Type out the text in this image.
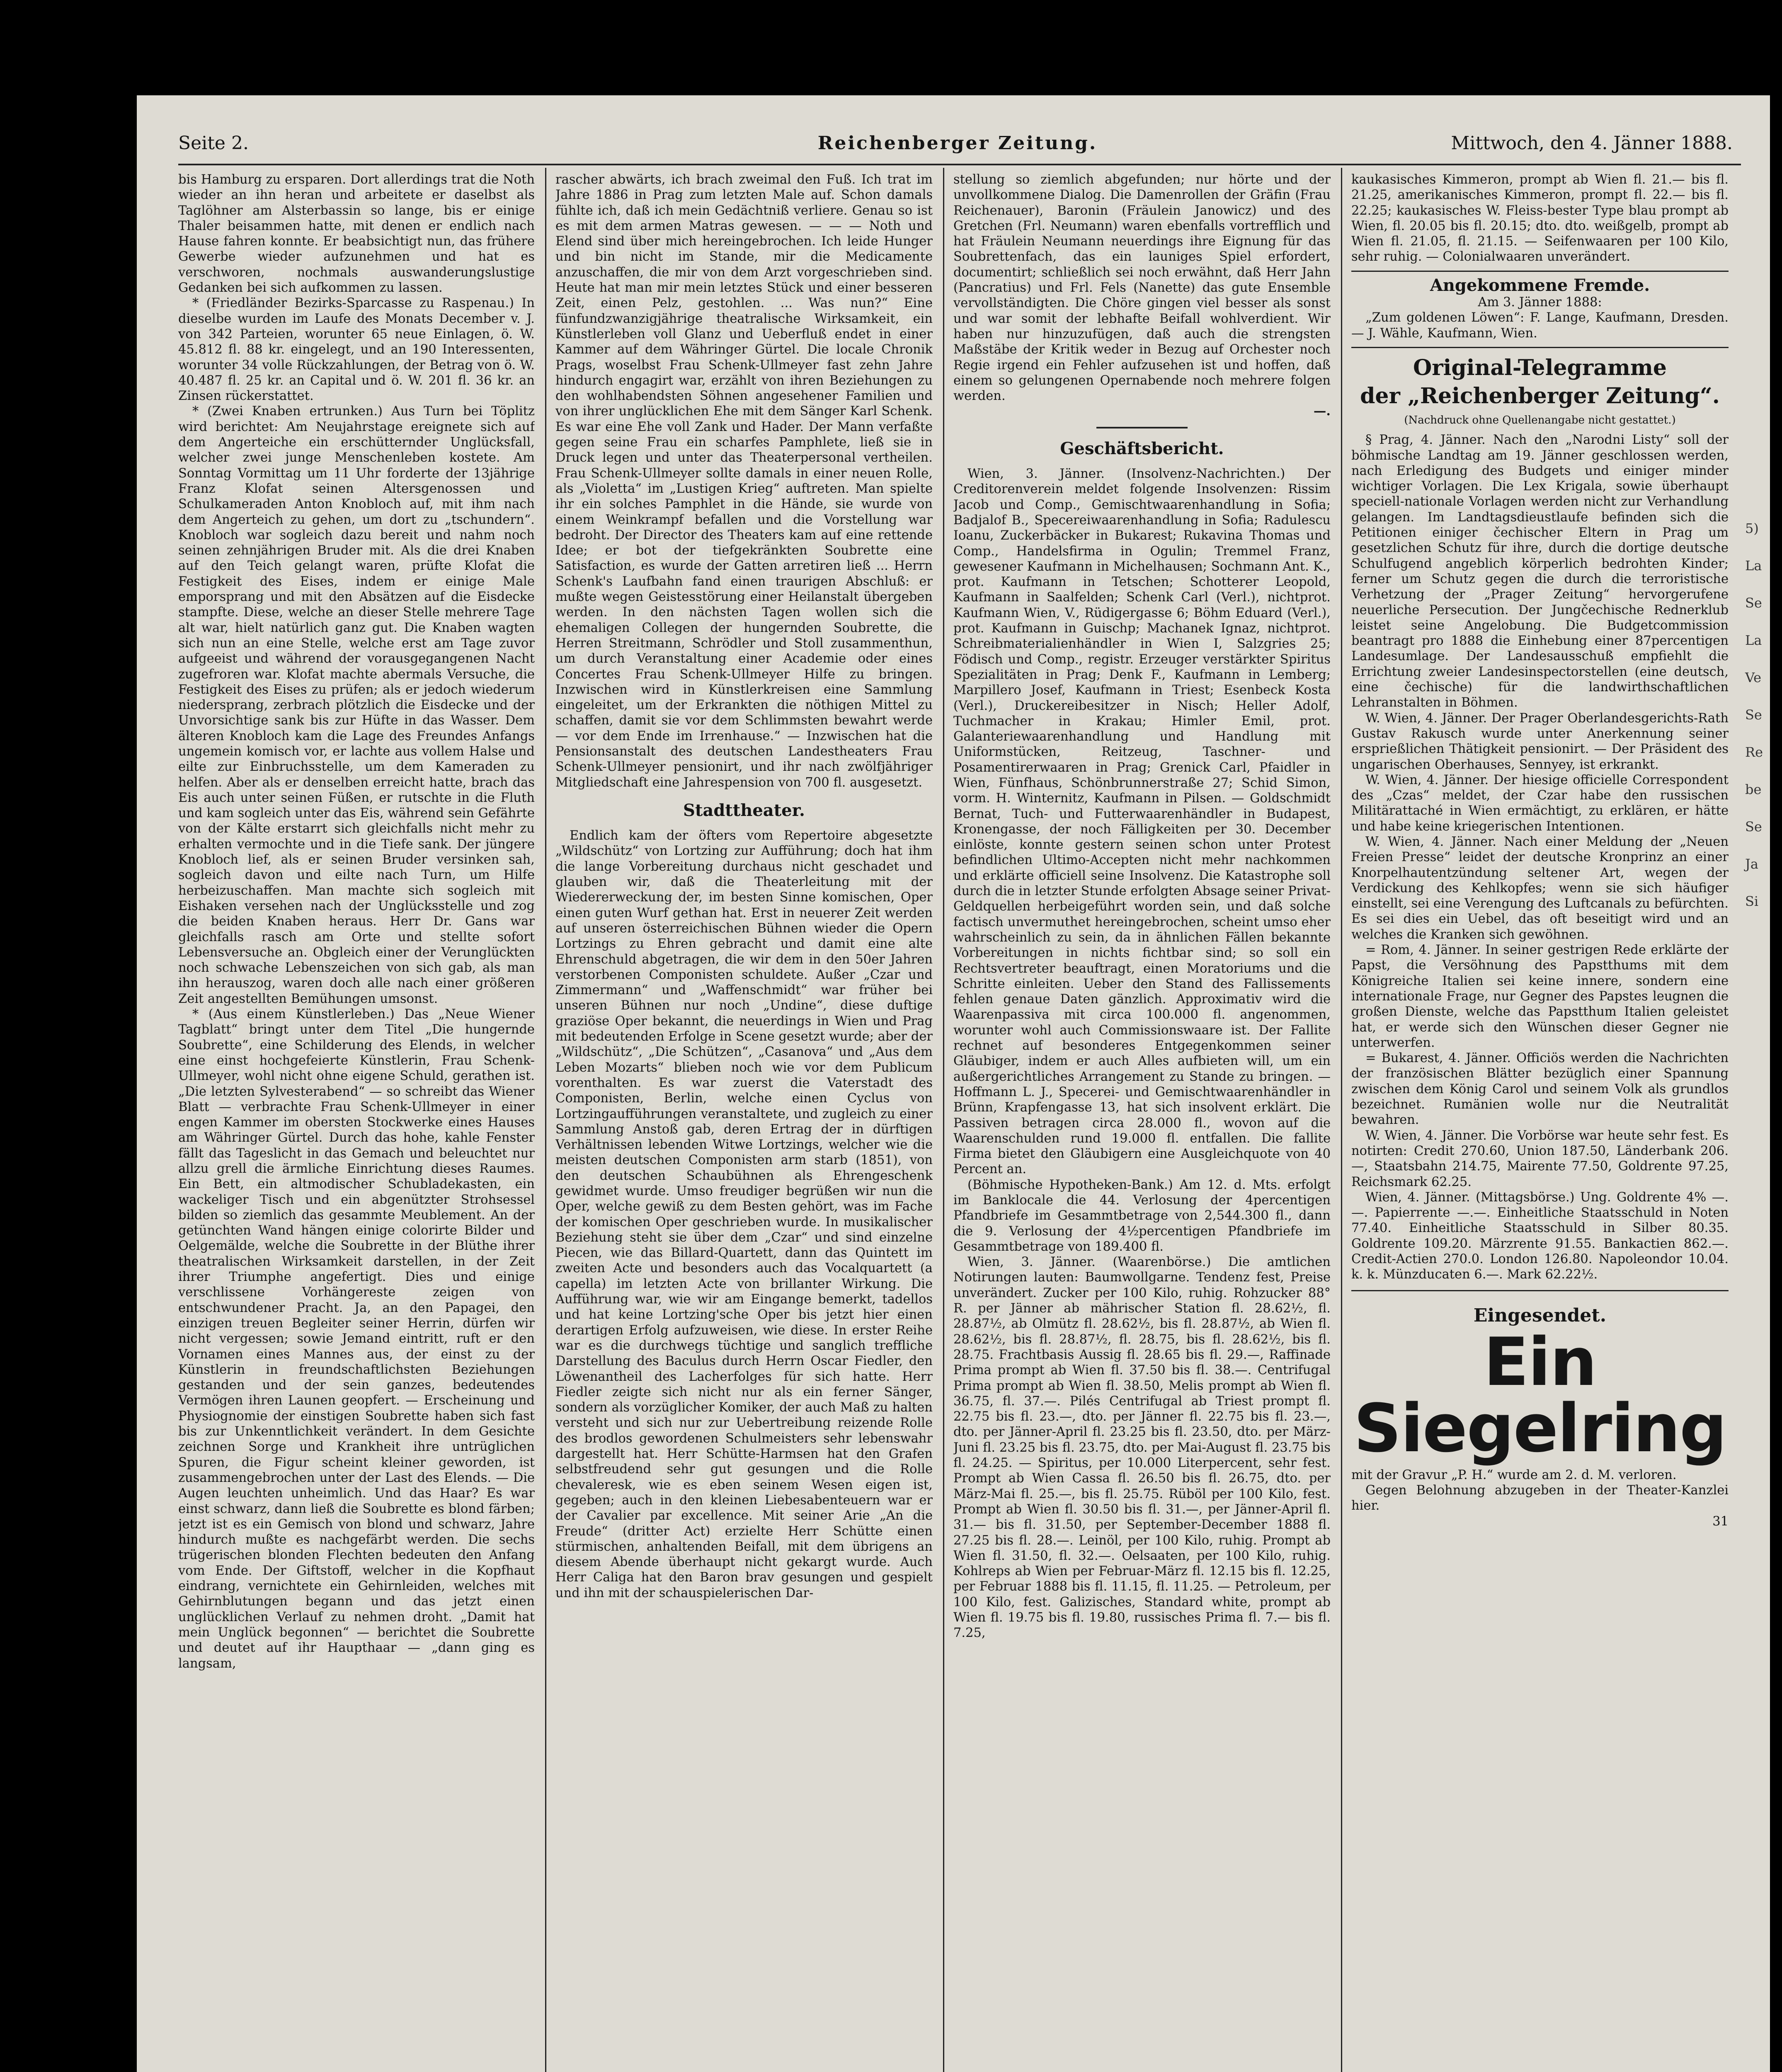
Seite 2.	Reichenberger Zeitung.	Mittwoch, den 4. Jänner 1888.

bis Hamburg zu ersparen. Dort allerdings trat die Noth wieder an ihn heran und arbeitete er daselbst als Taglöhner am Alsterbassin so lange, bis er einige Thaler beisammen hatte, mit denen er endlich nach Hause fahren konnte. Er beabsichtigt nun, das frühere Gewerbe wieder aufzunehmen und hat es verschworen, nochmals auswanderungslustige Gedanken bei sich aufkommen zu lassen.

* (Friedländer Bezirks-Sparcasse zu Raspenau.) In dieselbe wurden im Laufe des Monats December v. J. von 342 Parteien, worunter 65 neue Einlagen, ö. W. 45.812 fl. 88 kr. eingelegt, und an 190 Interessenten, worunter 34 volle Rückzahlungen, der Betrag von ö. W. 40.487 fl. 25 kr. an Capital und ö. W. 201 fl. 36 kr. an Zinsen rückerstattet.

* (Zwei Knaben ertrunken.) Aus Turn bei Töplitz wird berichtet: Am Neujahrstage ereignete sich auf dem Angerteiche ein erschütternder Unglücksfall, welcher zwei junge Menschenleben kostete. Am Sonntag Vormittag um 11 Uhr forderte der 13jährige Franz Klofat seinen Altersgenossen und Schulkameraden Anton Knobloch auf, mit ihm nach dem Angerteich zu gehen, um dort zu „tschundern“. Knobloch war sogleich dazu bereit und nahm noch seinen zehnjährigen Bruder mit. Als die drei Knaben auf den Teich gelangt waren, prüfte Klofat die Festigkeit des Eises, indem er einige Male emporsprang und mit den Absätzen auf die Eisdecke stampfte. Diese, welche an dieser Stelle mehrere Tage alt war, hielt natürlich ganz gut. Die Knaben wagten sich nun an eine Stelle, welche erst am Tage zuvor aufgeeist und während der vorausgegangenen Nacht zugefroren war. Klofat machte abermals Versuche, die Festigkeit des Eises zu prüfen; als er jedoch wiederum niedersprang, zerbrach plötzlich die Eisdecke und der Unvorsichtige sank bis zur Hüfte in das Wasser. Dem älteren Knobloch kam die Lage des Freundes Anfangs ungemein komisch vor, er lachte aus vollem Halse und eilte zur Einbruchsstelle, um dem Kameraden zu helfen. Aber als er denselben erreicht hatte, brach das Eis auch unter seinen Füßen, er rutschte in die Fluth und kam sogleich unter das Eis, während sein Gefährte von der Kälte erstarrt sich gleichfalls nicht mehr zu erhalten vermochte und in die Tiefe sank. Der jüngere Knobloch lief, als er seinen Bruder versinken sah, sogleich davon und eilte nach Turn, um Hilfe herbeizuschaffen. Man machte sich sogleich mit Eishaken versehen nach der Unglücksstelle und zog die beiden Knaben heraus. Herr Dr. Gans war gleichfalls rasch am Orte und stellte sofort Lebensversuche an. Obgleich einer der Verunglückten noch schwache Lebenszeichen von sich gab, als man ihn herauszog, waren doch alle nach einer größeren Zeit angestellten Bemühungen umsonst.

* (Aus einem Künstlerleben.) Das „Neue Wiener Tagblatt“ bringt unter dem Titel „Die hungernde Soubrette“, eine Schilderung des Elends, in welcher eine einst hochgefeierte Künstlerin, Frau Schenk-Ullmeyer, wohl nicht ohne eigene Schuld, gerathen ist. „Die letzten Sylvesterabend“ — so schreibt das Wiener Blatt — verbrachte Frau Schenk-Ullmeyer in einer engen Kammer im obersten Stockwerke eines Hauses am Währinger Gürtel. Durch das hohe, kahle Fenster fällt das Tageslicht in das Gemach und beleuchtet nur allzu grell die ärmliche Einrichtung dieses Raumes. Ein Bett, ein altmodischer Schubladekasten, ein wackeliger Tisch und ein abgenützter Strohsessel bilden so ziemlich das gesammte Meublement. An der getünchten Wand hängen einige colorirte Bilder und Oelgemälde, welche die Soubrette in der Blüthe ihrer theatralischen Wirksamkeit darstellen, in der Zeit ihrer Triumphe angefertigt. Dies und einige verschlissene Vorhängereste zeigen von entschwundener Pracht. Ja, an den Papagei, den einzigen treuen Begleiter seiner Herrin, dürfen wir nicht vergessen; sowie Jemand eintritt, ruft er den Vornamen eines Mannes aus, der einst zu der Künstlerin in freundschaftlichsten Beziehungen gestanden und der sein ganzes, bedeutendes Vermögen ihren Launen geopfert. — Erscheinung und Physiognomie der einstigen Soubrette haben sich fast bis zur Unkenntlichkeit verändert. In dem Gesichte zeichnen Sorge und Krankheit ihre untrüglichen Spuren, die Figur scheint kleiner geworden, ist zusammengebrochen unter der Last des Elends. — Die Augen leuchten unheimlich. Und das Haar? Es war einst schwarz, dann ließ die Soubrette es blond färben; jetzt ist es ein Gemisch von blond und schwarz, Jahre hindurch mußte es nachgefärbt werden. Die sechs trügerischen blonden Flechten bedeuten den Anfang vom Ende. Der Giftstoff, welcher in die Kopfhaut eindrang, vernichtete ein Gehirnleiden, welches mit Gehirnblutungen begann und das jetzt einen unglücklichen Verlauf zu nehmen droht. „Damit hat mein Unglück begonnen“ — berichtet die Soubrette und deutet auf ihr Haupthaar — „dann ging es langsam,

rascher abwärts, ich brach zweimal den Fuß. Ich trat im Jahre 1886 in Prag zum letzten Male auf. Schon damals fühlte ich, daß ich mein Gedächtniß verliere. Genau so ist es mit dem armen Matras gewesen. — — — Noth und Elend sind über mich hereingebrochen. Ich leide Hunger und bin nicht im Stande, mir die Medicamente anzuschaffen, die mir von dem Arzt vorgeschrieben sind. Heute hat man mir mein letztes Stück und einer besseren Zeit, einen Pelz, gestohlen. ... Was nun?“ Eine fünfundzwanzigjährige theatralische Wirksamkeit, ein Künstlerleben voll Glanz und Ueberfluß endet in einer Kammer auf dem Währinger Gürtel. Die locale Chronik Prags, woselbst Frau Schenk-Ullmeyer fast zehn Jahre hindurch engagirt war, erzählt von ihren Beziehungen zu den wohlhabendsten Söhnen angesehener Familien und von ihrer unglücklichen Ehe mit dem Sänger Karl Schenk. Es war eine Ehe voll Zank und Hader. Der Mann verfaßte gegen seine Frau ein scharfes Pamphlete, ließ sie in Druck legen und unter das Theaterpersonal vertheilen. Frau Schenk-Ullmeyer sollte damals in einer neuen Rolle, als „Violetta“ im „Lustigen Krieg“ auftreten. Man spielte ihr ein solches Pamphlet in die Hände, sie wurde von einem Weinkrampf befallen und die Vorstellung war bedroht. Der Director des Theaters kam auf eine rettende Idee; er bot der tiefgekränkten Soubrette eine Satisfaction, es wurde der Gatten arretiren ließ ... Herrn Schenk's Laufbahn fand einen traurigen Abschluß: er mußte wegen Geistesstörung einer Heilanstalt übergeben werden. In den nächsten Tagen wollen sich die ehemaligen Collegen der hungernden Soubrette, die Herren Streitmann, Schrödler und Stoll zusammenthun, um durch Veranstaltung einer Academie oder eines Concertes Frau Schenk-Ullmeyer Hilfe zu bringen. Inzwischen wird in Künstlerkreisen eine Sammlung eingeleitet, um der Erkrankten die nöthigen Mittel zu schaffen, damit sie vor dem Schlimmsten bewahrt werde — vor dem Ende im Irrenhause.“ — Inzwischen hat die Pensionsanstalt des deutschen Landestheaters Frau Schenk-Ullmeyer pensionirt, und ihr nach zwölfjähriger Mitgliedschaft eine Jahrespension von 700 fl. ausgesetzt.

Stadttheater.

Endlich kam der öfters vom Repertoire abgesetzte „Wildschütz“ von Lortzing zur Aufführung; doch hat ihm die lange Vorbereitung durchaus nicht geschadet und glauben wir, daß die Theaterleitung mit der Wiedererweckung der, im besten Sinne komischen, Oper einen guten Wurf gethan hat. Erst in neuerer Zeit werden auf unseren österreichischen Bühnen wieder die Opern Lortzings zu Ehren gebracht und damit eine alte Ehrenschuld abgetragen, die wir dem in den 50er Jahren verstorbenen Componisten schuldete. Außer „Czar und Zimmermann“ und „Waffenschmidt“ war früher bei unseren Bühnen nur noch „Undine“, diese duftige graziöse Oper bekannt, die neuerdings in Wien und Prag mit bedeutenden Erfolge in Scene gesetzt wurde; aber der „Wildschütz“, „Die Schützen“, „Casanova“ und „Aus dem Leben Mozarts“ blieben noch wie vor dem Publicum vorenthalten. Es war zuerst die Vaterstadt des Componisten, Berlin, welche einen Cyclus von Lortzingaufführungen veranstaltete, und zugleich zu einer Sammlung Anstoß gab, deren Ertrag der in dürftigen Verhältnissen lebenden Witwe Lortzings, welcher wie die meisten deutschen Componisten arm starb (1851), von den deutschen Schaubühnen als Ehrengeschenk gewidmet wurde. Umso freudiger begrüßen wir nun die Oper, welche gewiß zu dem Besten gehört, was im Fache der komischen Oper geschrieben wurde. In musikalischer Beziehung steht sie über dem „Czar“ und sind einzelne Piecen, wie das Billard-Quartett, dann das Quintett im zweiten Acte und besonders auch das Vocalquartett (a capella) im letzten Acte von brillanter Wirkung. Die Aufführung war, wie wir am Eingange bemerkt, tadellos und hat keine Lortzing'sche Oper bis jetzt hier einen derartigen Erfolg aufzuweisen, wie diese. In erster Reihe war es die durchwegs tüchtige und sanglich treffliche Darstellung des Baculus durch Herrn Oscar Fiedler, den Löwenantheil des Lacherfolges für sich hatte. Herr Fiedler zeigte sich nicht nur als ein ferner Sänger, sondern als vorzüglicher Komiker, der auch Maß zu halten versteht und sich nur zur Uebertreibung reizende Rolle des brodlos gewordenen Schulmeisters sehr lebenswahr dargestellt hat. Herr Schütte-Harmsen hat den Grafen selbstfreudend sehr gut gesungen und die Rolle chevaleresk, wie es eben seinem Wesen eigen ist, gegeben; auch in den kleinen Liebesabenteuern war er der Cavalier par excellence. Mit seiner Arie „An die Freude“ (dritter Act) erzielte Herr Schütte einen stürmischen, anhaltenden Beifall, mit dem übrigens an diesem Abende überhaupt nicht gekargt wurde. Auch Herr Caliga hat den Baron brav gesungen und gespielt und ihn mit der schauspielerischen Dar-

stellung so ziemlich abgefunden; nur hörte und der unvollkommene Dialog. Die Damenrollen der Gräfin (Frau Reichenauer), Baronin (Fräulein Janowicz) und des Gretchen (Frl. Neumann) waren ebenfalls vortrefflich und hat Fräulein Neumann neuerdings ihre Eignung für das Soubrettenfach, das ein launiges Spiel erfordert, documentirt; schließlich sei noch erwähnt, daß Herr Jahn (Pancratius) und Frl. Fels (Nanette) das gute Ensemble vervollständigten. Die Chöre gingen viel besser als sonst und war somit der lebhafte Beifall wohlverdient. Wir haben nur hinzuzufügen, daß auch die strengsten Maßstäbe der Kritik weder in Bezug auf Orchester noch Regie irgend ein Fehler aufzusehen ist und hoffen, daß einem so gelungenen Opernabende noch mehrere folgen werden.

—.
Geschäftsbericht.

Wien, 3. Jänner. (Insolvenz-Nachrichten.) Der Creditorenverein meldet folgende Insolvenzen: Rissim Jacob und Comp., Gemischtwaarenhandlung in Sofia; Badjalof B., Specereiwaarenhandlung in Sofia; Radulescu Ioanu, Zuckerbäcker in Bukarest; Rukavina Thomas und Comp., Handelsfirma in Ogulin; Tremmel Franz, gewesener Kaufmann in Michelhausen; Sochmann Ant. K., prot. Kaufmann in Tetschen; Schotterer Leopold, Kaufmann in Saalfelden; Schenk Carl (Verl.), nichtprot. Kaufmann Wien, V., Rüdigergasse 6; Böhm Eduard (Verl.), prot. Kaufmann in Guischp; Machanek Ignaz, nichtprot. Schreibmaterialienhändler in Wien I, Salzgries 25; Födisch und Comp., registr. Erzeuger verstärkter Spiritus Spezialitäten in Prag; Denk F., Kaufmann in Lemberg; Marpillero Josef, Kaufmann in Triest; Esenbeck Kosta (Verl.), Druckereibesitzer in Nisch; Heller Adolf, Tuchmacher in Krakau; Himler Emil, prot. Galanteriewaarenhandlung und Handlung mit Uniformstücken, Reitzeug, Taschner- und Posamentirerwaaren in Prag; Grenick Carl, Pfaidler in Wien, Fünfhaus, Schönbrunnerstraße 27; Schid Simon, vorm. H. Winternitz, Kaufmann in Pilsen. — Goldschmidt Bernat, Tuch- und Futterwaarenhändler in Budapest, Kronengasse, der noch Fälligkeiten per 30. December einlöste, konnte gestern seinen schon unter Protest befindlichen Ultimo-Accepten nicht mehr nachkommen und erklärte officiell seine Insolvenz. Die Katastrophe soll durch die in letzter Stunde erfolgten Absage seiner Privat-Geldquellen herbeigeführt worden sein, und daß solche factisch unvermuthet hereingebrochen, scheint umso eher wahrscheinlich zu sein, da in ähnlichen Fällen bekannte Vorbereitungen in nichts fichtbar sind; so soll ein Rechtsvertreter beauftragt, einen Moratoriums und die Schritte einleiten. Ueber den Stand des Fallissements fehlen genaue Daten gänzlich. Approximativ wird die Waarenpassiva mit circa 100.000 fl. angenommen, worunter wohl auch Commissionswaare ist. Der Fallite rechnet auf besonderes Entgegenkommen seiner Gläubiger, indem er auch Alles aufbieten will, um ein außergerichtliches Arrangement zu Stande zu bringen. — Hoffmann L. J., Specerei- und Gemischtwaarenhändler in Brünn, Krapfengasse 13, hat sich insolvent erklärt. Die Passiven betragen circa 28.000 fl., wovon auf die Waarenschulden rund 19.000 fl. entfallen. Die fallite Firma bietet den Gläubigern eine Ausgleichquote von 40 Percent an.

(Böhmische Hypotheken-Bank.) Am 12. d. Mts. erfolgt im Banklocale die 44. Verlosung der 4percentigen Pfandbriefe im Gesammtbetrage von 2,544.300 fl., dann die 9. Verlosung der 4½percentigen Pfandbriefe im Gesammtbetrage von 189.400 fl.

Wien, 3. Jänner. (Waarenbörse.) Die amtlichen Notirungen lauten: Baumwollgarne. Tendenz fest, Preise unverändert. Zucker per 100 Kilo, ruhig. Rohzucker 88° R. per Jänner ab mährischer Station fl. 28.62½, fl. 28.87½, ab Olmütz fl. 28.62½, bis fl. 28.87½, ab Wien fl. 28.62½, bis fl. 28.87½, fl. 28.75, bis fl. 28.62½, bis fl. 28.75. Frachtbasis Aussig fl. 28.65 bis fl. 29.—, Raffinade Prima prompt ab Wien fl. 37.50 bis fl. 38.—. Centrifugal Prima prompt ab Wien fl. 38.50, Melis prompt ab Wien fl. 36.75, fl. 37.—. Pilés Centrifugal ab Triest prompt fl. 22.75 bis fl. 23.—, dto. per Jänner fl. 22.75 bis fl. 23.—, dto. per Jänner-April fl. 23.25 bis fl. 23.50, dto. per März-Juni fl. 23.25 bis fl. 23.75, dto. per Mai-August fl. 23.75 bis fl. 24.25. — Spiritus, per 10.000 Literpercent, sehr fest. Prompt ab Wien Cassa fl. 26.50 bis fl. 26.75, dto. per März-Mai fl. 25.—, bis fl. 25.75. Rüböl per 100 Kilo, fest. Prompt ab Wien fl. 30.50 bis fl. 31.—, per Jänner-April fl. 31.— bis fl. 31.50, per September-December 1888 fl. 27.25 bis fl. 28.—. Leinöl, per 100 Kilo, ruhig. Prompt ab Wien fl. 31.50, fl. 32.—. Oelsaaten, per 100 Kilo, ruhig. Kohlreps ab Wien per Februar-März fl. 12.15 bis fl. 12.25, per Februar 1888 bis fl. 11.15, fl. 11.25. — Petroleum, per 100 Kilo, fest. Galizisches, Standard white, prompt ab Wien fl. 19.75 bis fl. 19.80, russisches Prima fl. 7.— bis fl. 7.25,

kaukasisches Kimmeron, prompt ab Wien fl. 21.— bis fl. 21.25, amerikanisches Kimmeron, prompt fl. 22.— bis fl. 22.25; kaukasisches W. Fleiss-bester Type blau prompt ab Wien, fl. 20.05 bis fl. 20.15; dto. dto. weißgelb, prompt ab Wien fl. 21.05, fl. 21.15. — Seifenwaaren per 100 Kilo, sehr ruhig. — Colonialwaaren unverändert.

Angekommene Fremde.
Am 3. Jänner 1888:

„Zum goldenen Löwen“: F. Lange, Kaufmann, Dresden. — J. Wähle, Kaufmann, Wien.

Original-Telegramme
der „Reichenberger Zeitung“.
(Nachdruck ohne Quellenangabe nicht gestattet.)

§ Prag, 4. Jänner. Nach den „Narodni Listy“ soll der böhmische Landtag am 19. Jänner geschlossen werden, nach Erledigung des Budgets und einiger minder wichtiger Vorlagen. Die Lex Krigala, sowie überhaupt speciell-nationale Vorlagen werden nicht zur Verhandlung gelangen. Im Landtagsdieustlaufe befinden sich die Petitionen einiger čechischer Eltern in Prag um gesetzlichen Schutz für ihre, durch die dortige deutsche Schulfugend angeblich körperlich bedrohten Kinder; ferner um Schutz gegen die durch die terroristische Verhetzung der „Prager Zeitung“ hervorgerufene neuerliche Persecution. Der Jungčechische Rednerklub leistet seine Angelobung. Die Budgetcommission beantragt pro 1888 die Einhebung einer 87percentigen Landesumlage. Der Landesausschuß empfiehlt die Errichtung zweier Landesinspectorstellen (eine deutsch, eine čechische) für die landwirthschaftlichen Lehranstalten in Böhmen.

W. Wien, 4. Jänner. Der Prager Oberlandesgerichts-Rath Gustav Rakusch wurde unter Anerkennung seiner ersprießlichen Thätigkeit pensionirt. — Der Präsident des ungarischen Oberhauses, Sennyey, ist erkrankt.

W. Wien, 4. Jänner. Der hiesige officielle Correspondent des „Czas“ meldet, der Czar habe den russischen Militärattaché in Wien ermächtigt, zu erklären, er hätte und habe keine kriegerischen Intentionen.

W. Wien, 4. Jänner. Nach einer Meldung der „Neuen Freien Presse“ leidet der deutsche Kronprinz an einer Knorpelhautentzündung seltener Art, wegen der Verdickung des Kehlkopfes; wenn sie sich häufiger einstellt, sei eine Verengung des Luftcanals zu befürchten. Es sei dies ein Uebel, das oft beseitigt wird und an welches die Kranken sich gewöhnen.

= Rom, 4. Jänner. In seiner gestrigen Rede erklärte der Papst, die Versöhnung des Papstthums mit dem Königreiche Italien sei keine innere, sondern eine internationale Frage, nur Gegner des Papstes leugnen die großen Dienste, welche das Papstthum Italien geleistet hat, er werde sich den Wünschen dieser Gegner nie unterwerfen.

= Bukarest, 4. Jänner. Officiös werden die Nachrichten der französischen Blätter bezüglich einer Spannung zwischen dem König Carol und seinem Volk als grundlos bezeichnet. Rumänien wolle nur die Neutralität bewahren.

W. Wien, 4. Jänner. Die Vorbörse war heute sehr fest. Es notirten: Credit 270.60, Union 187.50, Länderbank 206.—, Staatsbahn 214.75, Mairente 77.50, Goldrente 97.25, Reichsmark 62.25.

Wien, 4. Jänner. (Mittagsbörse.) Ung. Goldrente 4% —.—. Papierrente —.—. Einheitliche Staatsschuld in Noten 77.40. Einheitliche Staatsschuld in Silber 80.35. Goldrente 109.20. Märzrente 91.55. Bankactien 862.—. Credit-Actien 270.0. London 126.80. Napoleondor 10.04. k. k. Münzducaten 6.—. Mark 62.22½.

Eingesendet.
Ein Siegelring

mit der Gravur „P. H.“ wurde am 2. d. M. verloren.

Gegen Belohnung abzugeben in der Theater-Kanzlei hier.

31
5)
La
Se
La
Ve
Se
Re
be
Se
Ja
Si
